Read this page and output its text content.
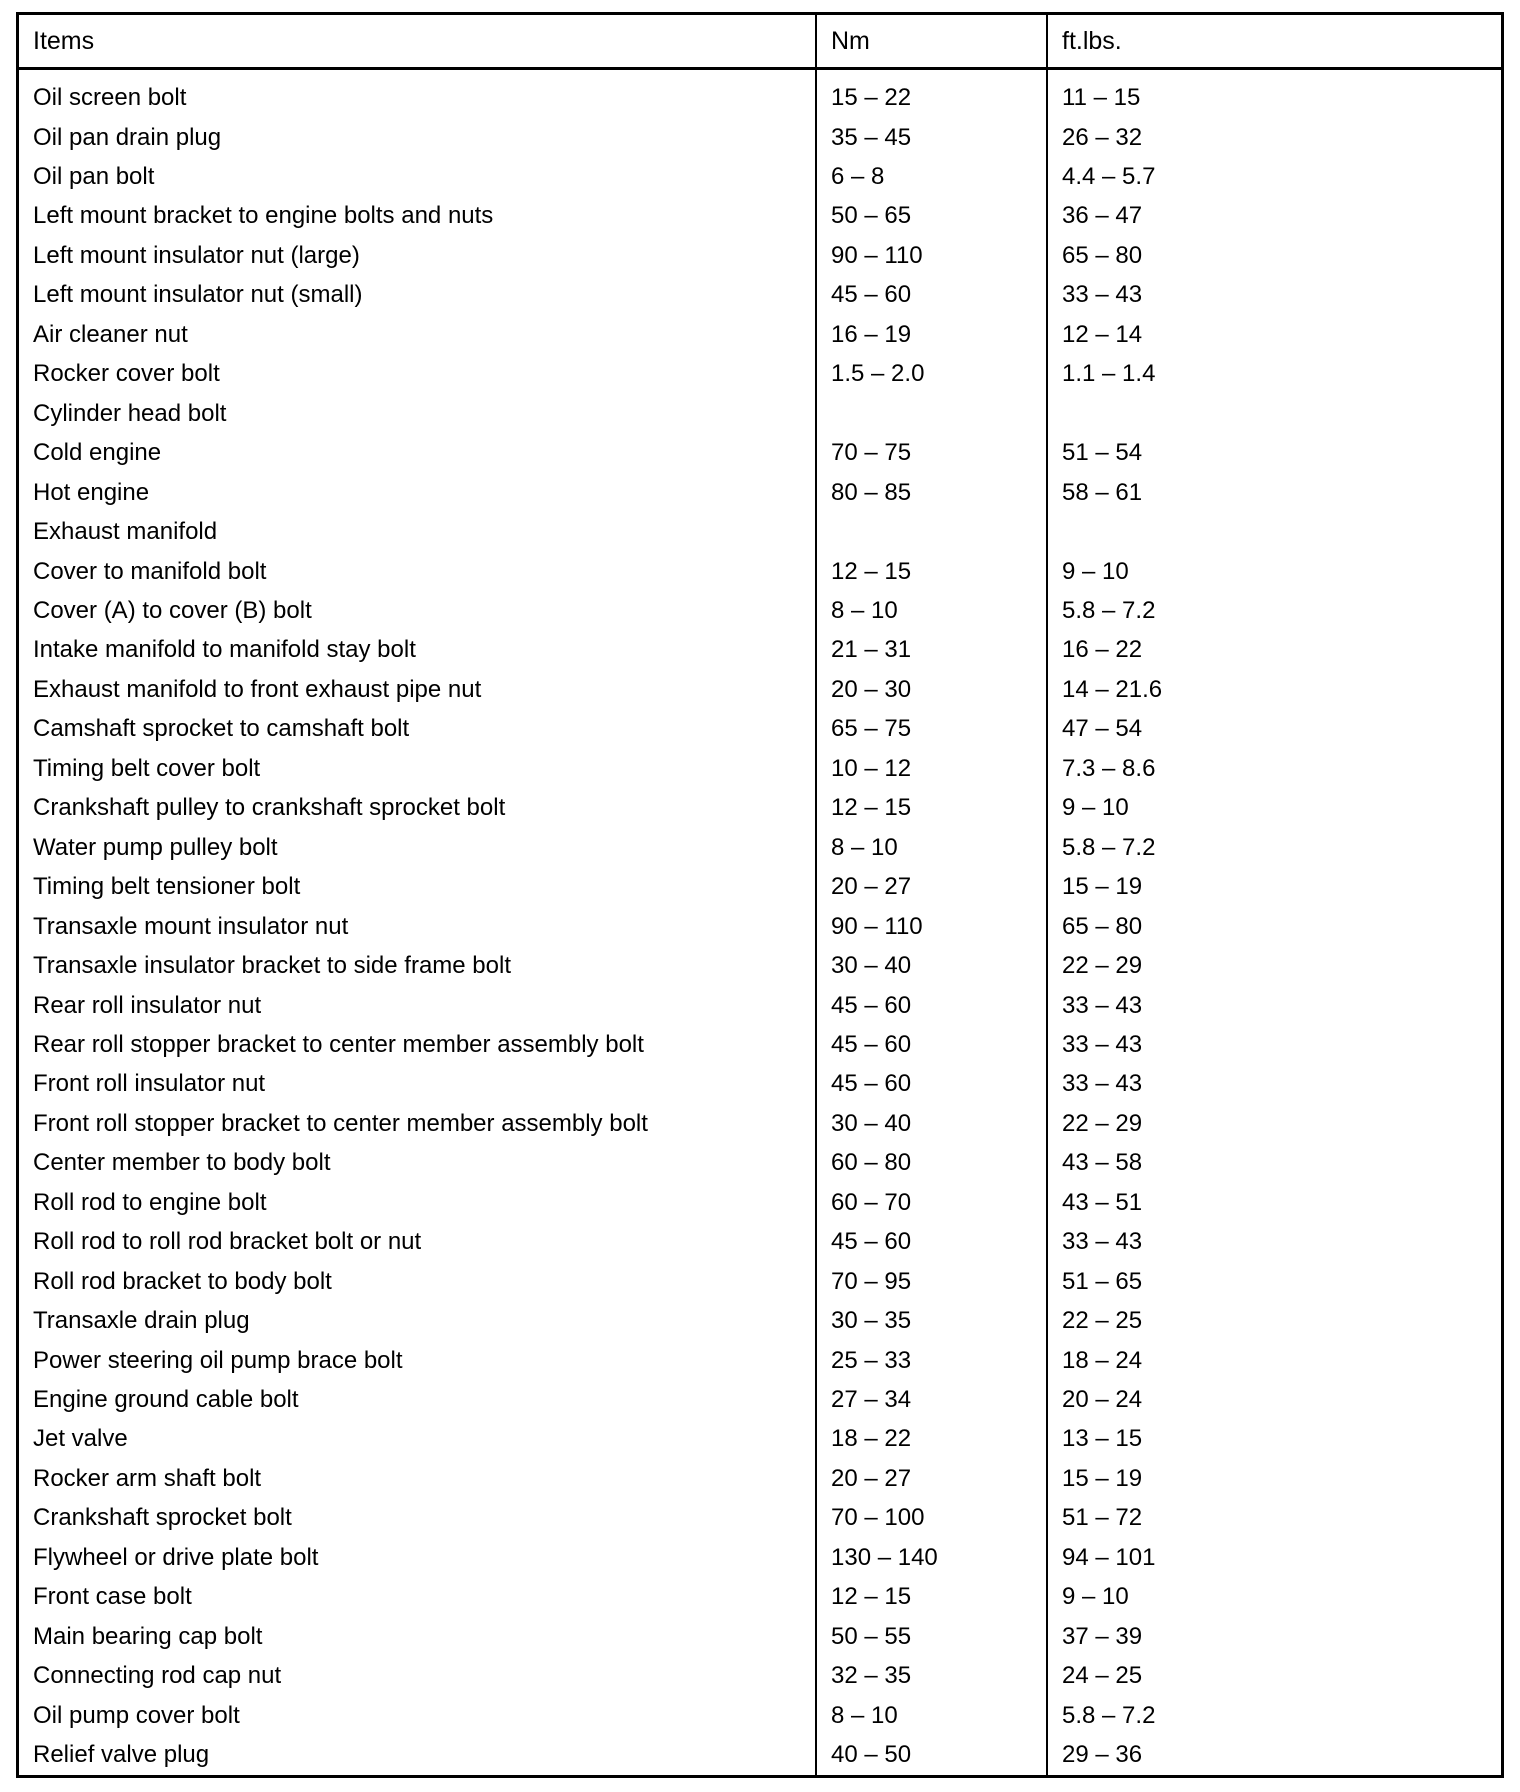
Items	Nm	ft.lbs.
Oil screen bolt	15 – 22	11 – 15
Oil pan drain plug	35 – 45	26 – 32
Oil pan bolt	6 – 8	4.4 – 5.7
Left mount bracket to engine bolts and nuts	50 – 65	36 – 47
Left mount insulator nut (large)	90 – 110	65 – 80
Left mount insulator nut (small)	45 – 60	33 – 43
Air cleaner nut	16 – 19	12 – 14
Rocker cover bolt	1.5 – 2.0	1.1 – 1.4
Cylinder head bolt		
Cold engine	70 – 75	51 – 54
Hot engine	80 – 85	58 – 61
Exhaust manifold		
Cover to manifold bolt	12 – 15	9 – 10
Cover (A) to cover (B) bolt	8 – 10	5.8 – 7.2
Intake manifold to manifold stay bolt	21 – 31	16 – 22
Exhaust manifold to front exhaust pipe nut	20 – 30	14 – 21.6
Camshaft sprocket to camshaft bolt	65 – 75	47 – 54
Timing belt cover bolt	10 – 12	7.3 – 8.6
Crankshaft pulley to crankshaft sprocket bolt	12 – 15	9 – 10
Water pump pulley bolt	8 – 10	5.8 – 7.2
Timing belt tensioner bolt	20 – 27	15 – 19
Transaxle mount insulator nut	90 – 110	65 – 80
Transaxle insulator bracket to side frame bolt	30 – 40	22 – 29
Rear roll insulator nut	45 – 60	33 – 43
Rear roll stopper bracket to center member assembly bolt	45 – 60	33 – 43
Front roll insulator nut	45 – 60	33 – 43
Front roll stopper bracket to center member assembly bolt	30 – 40	22 – 29
Center member to body bolt	60 – 80	43 – 58
Roll rod to engine bolt	60 – 70	43 – 51
Roll rod to roll rod bracket bolt or nut	45 – 60	33 – 43
Roll rod bracket to body bolt	70 – 95	51 – 65
Transaxle drain plug	30 – 35	22 – 25
Power steering oil pump brace bolt	25 – 33	18 – 24
Engine ground cable bolt	27 – 34	20 – 24
Jet valve	18 – 22	13 – 15
Rocker arm shaft bolt	20 – 27	15 – 19
Crankshaft sprocket bolt	70 – 100	51 – 72
Flywheel or drive plate bolt	130 – 140	94 – 101
Front case bolt	12 – 15	9 – 10
Main bearing cap bolt	50 – 55	37 – 39
Connecting rod cap nut	32 – 35	24 – 25
Oil pump cover bolt	8 – 10	5.8 – 7.2
Relief valve plug	40 – 50	29 – 36
